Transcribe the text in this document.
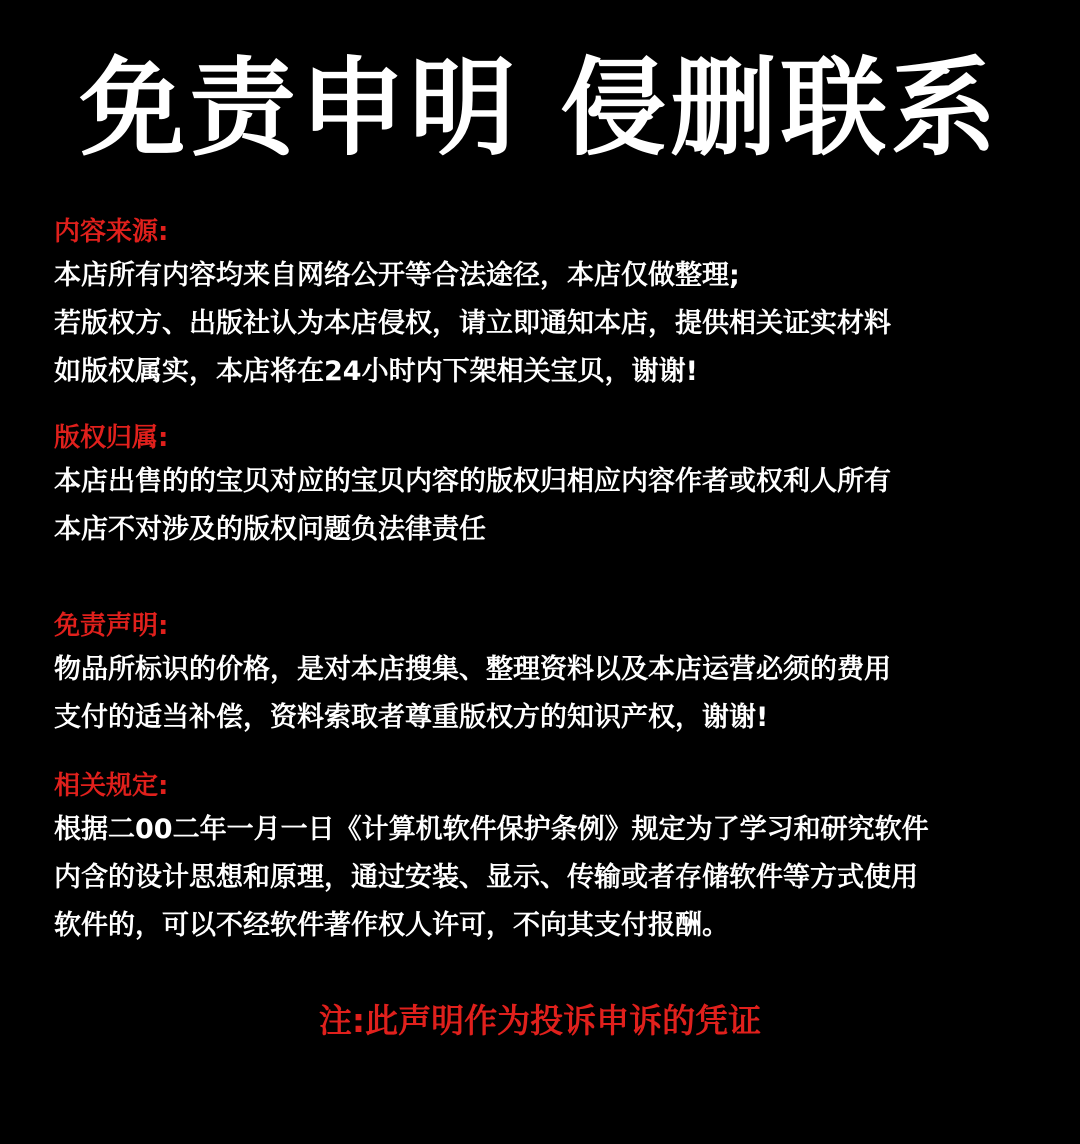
免责申明 侵删联系
内容来源:
本店所有内容均来自网络公开等合法途径，本店仅做整理;
若版权方、出版社认为本店侵权，请立即通知本店，提供相关证实材料
如版权属实，本店将在24小时内下架相关宝贝，谢谢!
版权归属:
本店出售的的宝贝对应的宝贝内容的版权归相应内容作者或权利人所有
本店不对涉及的版权问题负法律责任
免责声明:
物品所标识的价格，是对本店搜集、整理资料以及本店运营必须的费用
支付的适当补偿，资料索取者尊重版权方的知识产权，谢谢!
相关规定:
根据二00二年一月一日《计算机软件保护条例》规定为了学习和研究软件
内含的设计思想和原理，通过安装、显示、传输或者存储软件等方式使用
软件的，可以不经软件著作权人许可，不向其支付报酬。
注:此声明作为投诉申诉的凭证
